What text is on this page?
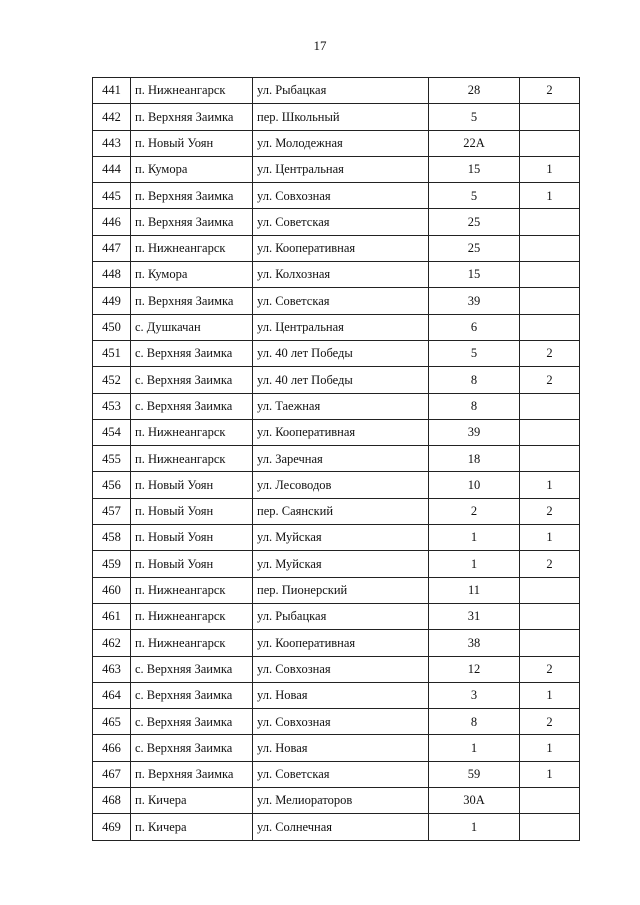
17
441	п. Нижнеангарск	ул. Рыбацкая	28	2
442	п. Верхняя Заимка	пер. Школьный	5	
443	п. Новый Уоян	ул. Молодежная	22А	
444	п. Кумора	ул. Центральная	15	1
445	п. Верхняя Заимка	ул. Совхозная	5	1
446	п. Верхняя Заимка	ул. Советская	25	
447	п. Нижнеангарск	ул. Кооперативная	25	
448	п. Кумора	ул. Колхозная	15	
449	п. Верхняя Заимка	ул. Советская	39	
450	с. Душкачан	ул. Центральная	6	
451	с. Верхняя Заимка	ул. 40 лет Победы	5	2
452	с. Верхняя Заимка	ул. 40 лет Победы	8	2
453	с. Верхняя Заимка	ул. Таежная	8	
454	п. Нижнеангарск	ул. Кооперативная	39	
455	п. Нижнеангарск	ул. Заречная	18	
456	п. Новый Уоян	ул. Лесоводов	10	1
457	п. Новый Уоян	пер. Саянский	2	2
458	п. Новый Уоян	ул. Муйская	1	1
459	п. Новый Уоян	ул. Муйская	1	2
460	п. Нижнеангарск	пер. Пионерский	11	
461	п. Нижнеангарск	ул. Рыбацкая	31	
462	п. Нижнеангарск	ул. Кооперативная	38	
463	с. Верхняя Заимка	ул. Совхозная	12	2
464	с. Верхняя Заимка	ул. Новая	3	1
465	с. Верхняя Заимка	ул. Совхозная	8	2
466	с. Верхняя Заимка	ул. Новая	1	1
467	п. Верхняя Заимка	ул. Советская	59	1
468	п. Кичера	ул. Мелиораторов	30А	
469	п. Кичера	ул. Солнечная	1	
